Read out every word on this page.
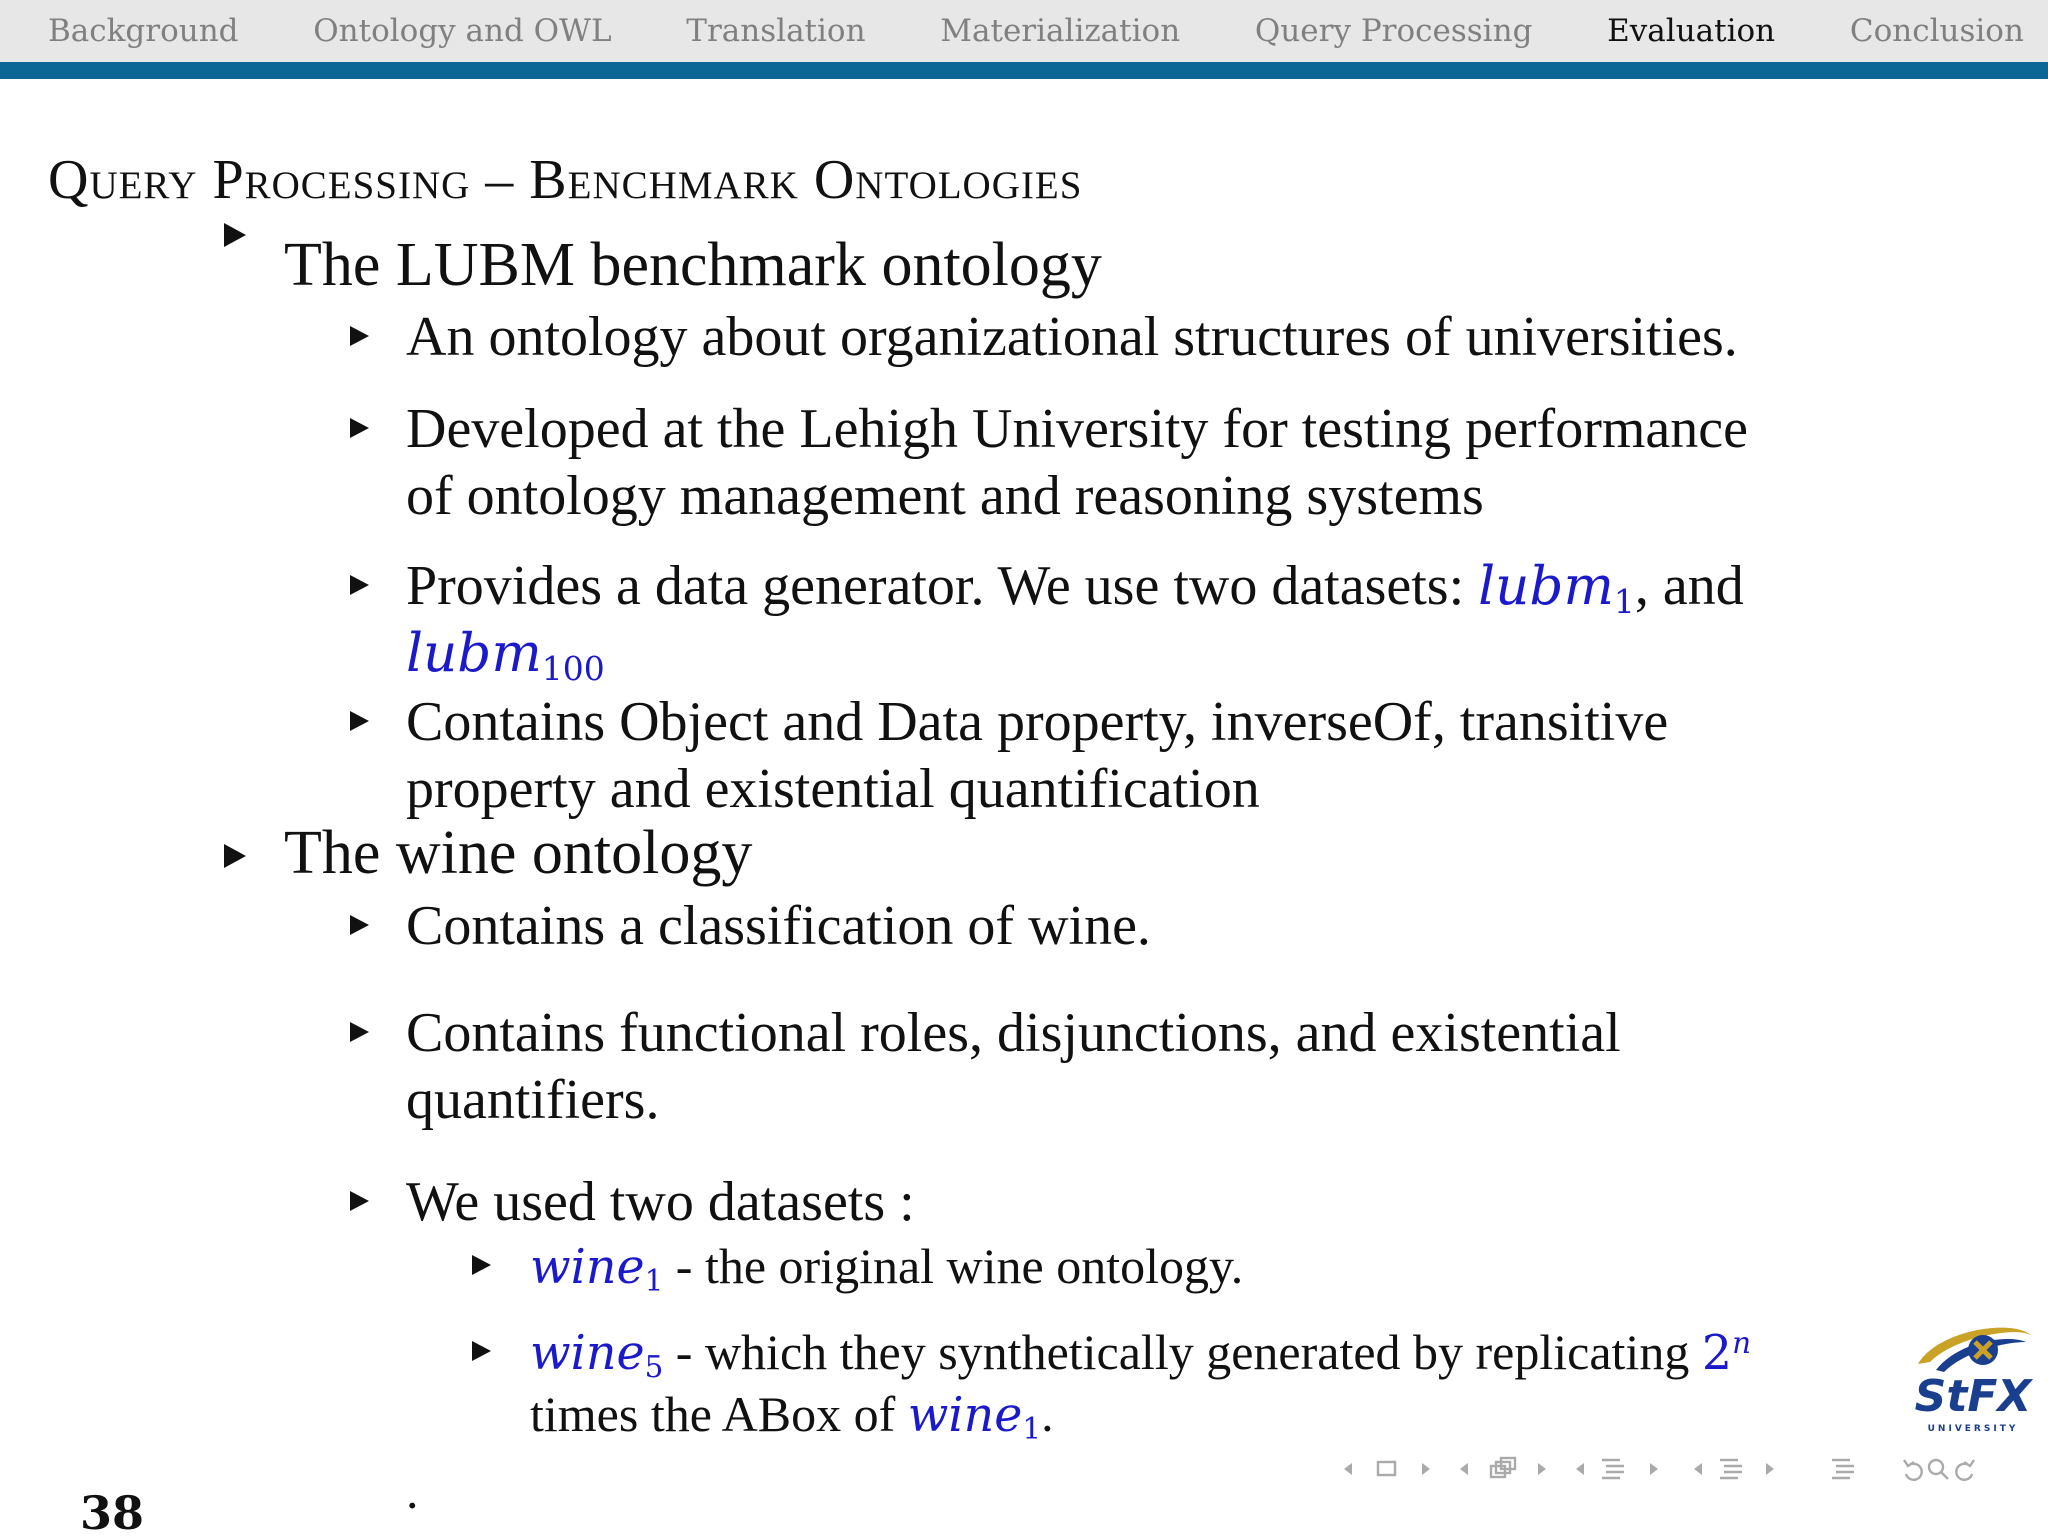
Background Ontology and OWL Translation Materialization Query Processing Evaluation Conclusion
Query Processing – Benchmark Ontologies
The LUBM benchmark ontology
An ontology about organizational structures of universities.
Developed at the Lehigh University for testing performance
of ontology management and reasoning systems
Provides a data generator. We use two datasets: lubm$_1$, and
lubm$_{100}$
Contains Object and Data property, inverseOf, transitive
property and existential quantification
The wine ontology
Contains a classification of wine.
Contains functional roles, disjunctions, and existential
quantifiers.
We used two datasets :
wine$_1$ - the original wine ontology.
wine$_5$ - which they synthetically generated by replicating 2$^n$
times the ABox of wine$_1$.
38	.
StFX
UNIVERSITY
